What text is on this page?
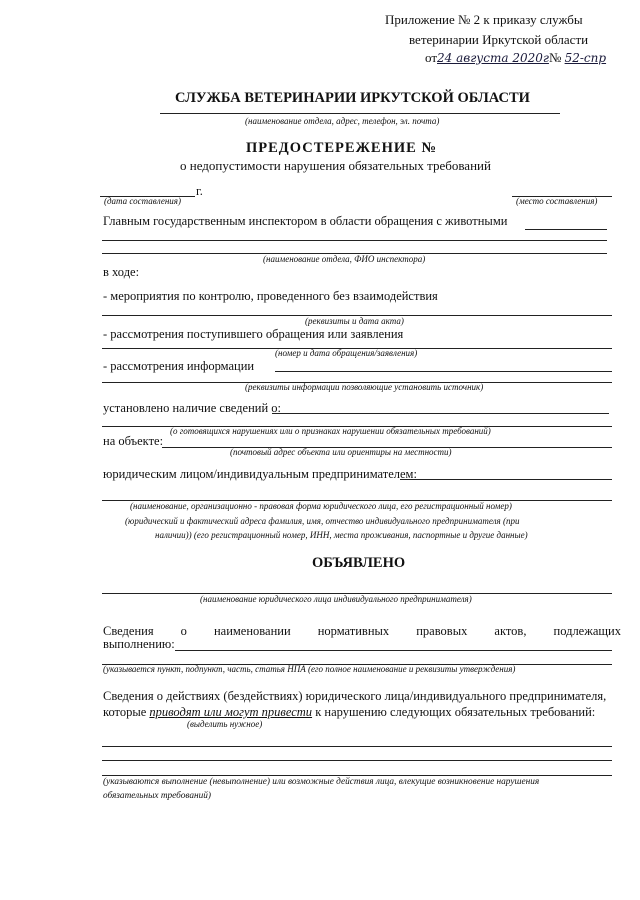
Приложение № 2 к приказу службы
ветеринарии Иркутской области
от24 августа 2020г№ 52-спр
СЛУЖБА ВЕТЕРИНАРИИ ИРКУТСКОЙ ОБЛАСТИ
(наименование отдела, адрес, телефон, эл. почта)
ПРЕДОСТЕРЕЖЕНИЕ №
о недопустимости нарушения обязательных требований
г.
(дата составления)	(место составления)
Главным государственным инспектором в области обращения с животными
(наименование отдела, ФИО инспектора)
в ходе:
- мероприятия по контролю, проведенного без взаимодействия
(реквизиты и дата акта)
- рассмотрения поступившего обращения или заявления
(номер и дата обращения/заявления)
- рассмотрения информации
(реквизиты информации позволяющие установить источник)
установлено наличие сведений о:
(о готовящихся нарушениях или о признаках нарушении обязательных требований)
на объекте:
(почтовый адрес объекта или ориентиры на местности)
юридическим лицом/индивидуальным предпринимателем:
(наименование, организационно - правовая форма юридического лица, его регистрационный номер)
(юридический и фактический адреса фамилия, имя, отчество индивидуального предпринимателя (при
наличии)) (его регистрационный номер, ИНН, места проживания, паспортные и другие данные)
ОБЪЯВЛЕНО
(наименование юридического лица индивидуального предпринимателя)
Сведения о наименовании нормативных правовых актов, подлежащих
выполнению:
(указывается пункт, подпункт, часть, статья НПА (его полное наименование и реквизиты утверждения)
Сведения о действиях (бездействиях) юридического лица/индивидуального предпринимателя,
которые приводят или могут привести к нарушению следующих обязательных требований:
(выделить нужное)
(указываются выполнение (невыполнение) или возможные действия лица, влекущие возникновение нарушения
обязательных требований)
